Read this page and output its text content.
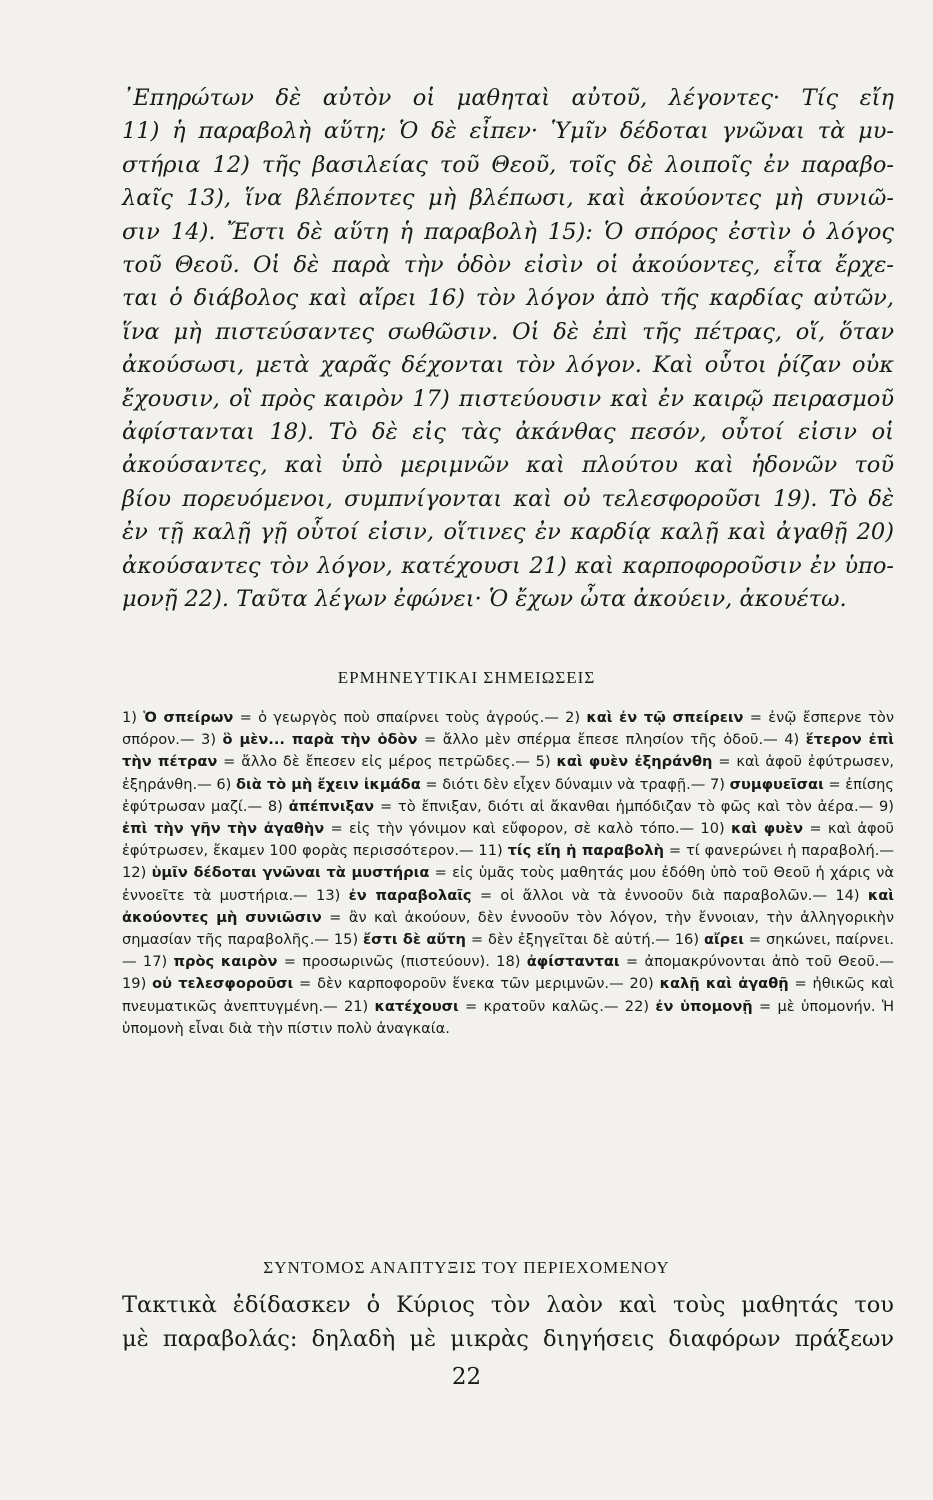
᾿Επηρώτων δὲ αὐτὸν οἱ μαθηταὶ αὐτοῦ, λέγοντες· Τίς εἴη
11) ἡ παραβολὴ αὕτη; Ὁ δὲ εἶπεν· Ὑμῖν δέδοται γνῶναι τὰ μυ-
στήρια 12) τῆς βασιλείας τοῦ Θεοῦ, τοῖς δὲ λοιποῖς ἐν παραβο-
λαῖς 13), ἵνα βλέποντες μὴ βλέπωσι, καὶ ἀκούοντες μὴ συνιῶ-
σιν 14). Ἔστι δὲ αὕτη ἡ παραβολὴ 15): Ὁ σπόρος ἐστὶν ὁ λόγος
τοῦ Θεοῦ. Οἱ δὲ παρὰ τὴν ὁδὸν εἰσὶν οἱ ἀκούοντες, εἶτα ἔρχε-
ται ὁ διάβολος καὶ αἴρει 16) τὸν λόγον ἀπὸ τῆς καρδίας αὐτῶν,
ἵνα μὴ πιστεύσαντες σωθῶσιν. Οἱ δὲ ἐπὶ τῆς πέτρας, οἵ, ὅταν
ἀκούσωσι, μετὰ χαρᾶς δέχονται τὸν λόγον. Καὶ οὗτοι ῥίζαν οὐκ
ἔχουσιν, οἳ πρὸς καιρὸν 17) πιστεύουσιν καὶ ἐν καιρῷ πειρασμοῦ
ἀφίστανται 18). Τὸ δὲ εἰς τὰς ἀκάνθας πεσόν, οὗτοί εἰσιν οἱ
ἀκούσαντες, καὶ ὑπὸ μεριμνῶν καὶ πλούτου καὶ ἡδονῶν τοῦ
βίου πορευόμενοι, συμπνίγονται καὶ οὐ τελεσφοροῦσι 19). Τὸ δὲ
ἐν τῇ καλῇ γῇ οὗτοί εἰσιν, οἵτινες ἐν καρδίᾳ καλῇ καὶ ἀγαθῇ 20)
ἀκούσαντες τὸν λόγον, κατέχουσι 21) καὶ καρποφοροῦσιν ἐν ὑπο-
μονῇ 22). Ταῦτα λέγων ἐφώνει· Ὁ ἔχων ὦτα ἀκούειν, ἀκουέτω.
ΕΡΜΗΝΕΥΤΙΚΑΙ ΣΗΜΕΙΩΣΕΙΣ
1) Ὁ σπείρων = ὁ γεωργὸς ποὺ σπαίρνει τοὺς ἀγρούς.— 2) καὶ ἐν τῷ σπείρειν = ἐνῷ ἔσπερνε τὸν σπόρον.— 3) ὃ μὲν... παρὰ τὴν ὁδὸν = ἄλλο μὲν σπέρμα ἔπεσε πλησίον τῆς ὁδοῦ.— 4) ἕτερον ἐπὶ τὴν πέτραν = ἄλλο δὲ ἔπεσεν εἰς μέρος πετρῶδες.— 5) καὶ φυὲν ἐξηράνθη = καὶ ἀφοῦ ἐφύτρωσεν, ἐξηράνθη.— 6) διὰ τὸ μὴ ἔχειν ἰκμάδα = διότι δὲν εἶχεν δύναμιν νὰ τραφῇ.— 7) συμφυεῖσαι = ἐπίσης ἐφύτρωσαν μαζί.— 8) ἀπέπνιξαν = τὸ ἔπνιξαν, διότι αἱ ἄκανθαι ἠμπόδιζαν τὸ φῶς καὶ τὸν ἀέρα.— 9) ἐπὶ τὴν γῆν τὴν ἀγαθὴν = εἰς τὴν γόνιμον καὶ εὔφορον, σὲ καλὸ τόπο.— 10) καὶ φυὲν = καὶ ἀφοῦ ἐφύτρωσεν, ἔκαμεν 100 φορὰς περισσότερον.— 11) τίς εἴη ἡ παραβολὴ = τί φανερώνει ἡ παραβολή.— 12) ὑμῖν δέδοται γνῶναι τὰ μυστήρια = εἰς ὑμᾶς τοὺς μαθητάς μου ἐδόθη ὑπὸ τοῦ Θεοῦ ἡ χάρις νὰ ἐννοεῖτε τὰ μυστήρια.— 13) ἐν παραβολαῖς = οἱ ἄλλοι νὰ τὰ ἐννοοῦν διὰ παραβολῶν.— 14) καὶ ἀκούοντες μὴ συνιῶσιν = ἂν καὶ ἀκούουν, δὲν ἐννοοῦν τὸν λόγον, τὴν ἔννοιαν, τὴν ἀλληγορικὴν σημασίαν τῆς παραβολῆς.— 15) ἔστι δὲ αὕτη = δὲν ἐξηγεῖται δὲ αὐτή.— 16) αἴρει = σηκώνει, παίρνει.— 17) πρὸς καιρὸν = προσωρινῶς (πιστεύουν). 18) ἀφίστανται = ἀπομακρύνονται ἀπὸ τοῦ Θεοῦ.— 19) οὐ τελεσφοροῦσι = δὲν καρποφοροῦν ἕνεκα τῶν μεριμνῶν.— 20) καλῇ καὶ ἀγαθῇ = ἠθικῶς καὶ πνευματικῶς ἀνεπτυγμένη.— 21) κατέχουσι = κρατοῦν καλῶς.— 22) ἐν ὑπομονῇ = μὲ ὑπομονήν. Ἡ ὑπομονὴ εἶναι διὰ τὴν πίστιν πολὺ ἀναγκαία.
ΣΥΝΤΟΜΟΣ ΑΝΑΠΤΥΞΙΣ ΤΟΥ ΠΕΡΙΕΧΟΜΕΝΟΥ
Τακτικὰ ἐδίδασκεν ὁ Κύριος τὸν λαὸν καὶ τοὺς μαθητάς του
μὲ παραβολάς: δηλαδὴ μὲ μικρὰς διηγήσεις διαφόρων πράξεων
22
